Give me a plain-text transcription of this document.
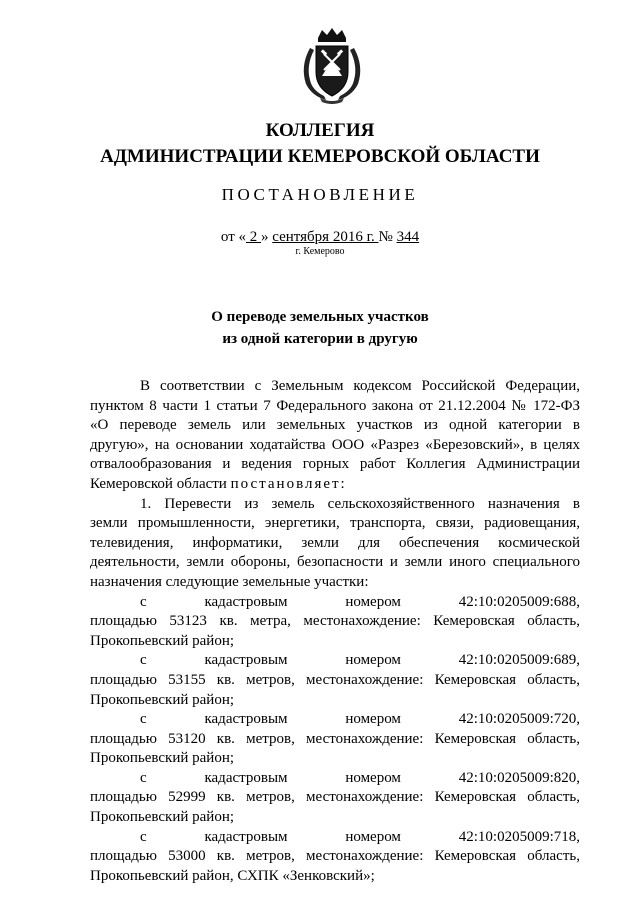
КОЛЛЕГИЯ
АДМИНИСТРАЦИИ КЕМЕРОВСКОЙ ОБЛАСТИ
ПОСТАНОВЛЕНИЕ
от « 2 » сентября 2016 г. № 344
г. Кемерово
О переводе земельных участков
из одной категории в другую
В соответствии с Земельным кодексом Российской Федерации,
пунктом 8 части 1 статьи 7 Федерального закона от 21.12.2004 № 172-ФЗ
«О переводе земель или земельных участков из одной категории в
другую», на основании ходатайства ООО «Разрез «Березовский», в целях
отвалообразования и ведения горных работ Коллегия Администрации
Кемеровской области постановляет:
1. Перевести из земель сельскохозяйственного назначения в
земли промышленности, энергетики, транспорта, связи, радиовещания,
телевидения, информатики, земли для обеспечения космической
деятельности, земли обороны, безопасности и земли иного специального
назначения следующие земельные участки:
с	кадастровым	номером	42:10:0205009:688,
площадью 53123 кв. метра, местонахождение: Кемеровская область,
Прокопьевский район;
с	кадастровым	номером	42:10:0205009:689,
площадью 53155 кв. метров, местонахождение: Кемеровская область,
Прокопьевский район;
с	кадастровым	номером	42:10:0205009:720,
площадью 53120 кв. метров, местонахождение: Кемеровская область,
Прокопьевский район;
с	кадастровым	номером	42:10:0205009:820,
площадью 52999 кв. метров, местонахождение: Кемеровская область,
Прокопьевский район;
с	кадастровым	номером	42:10:0205009:718,
площадью 53000 кв. метров, местонахождение: Кемеровская область,
Прокопьевский район, СХПК «Зенковский»;
